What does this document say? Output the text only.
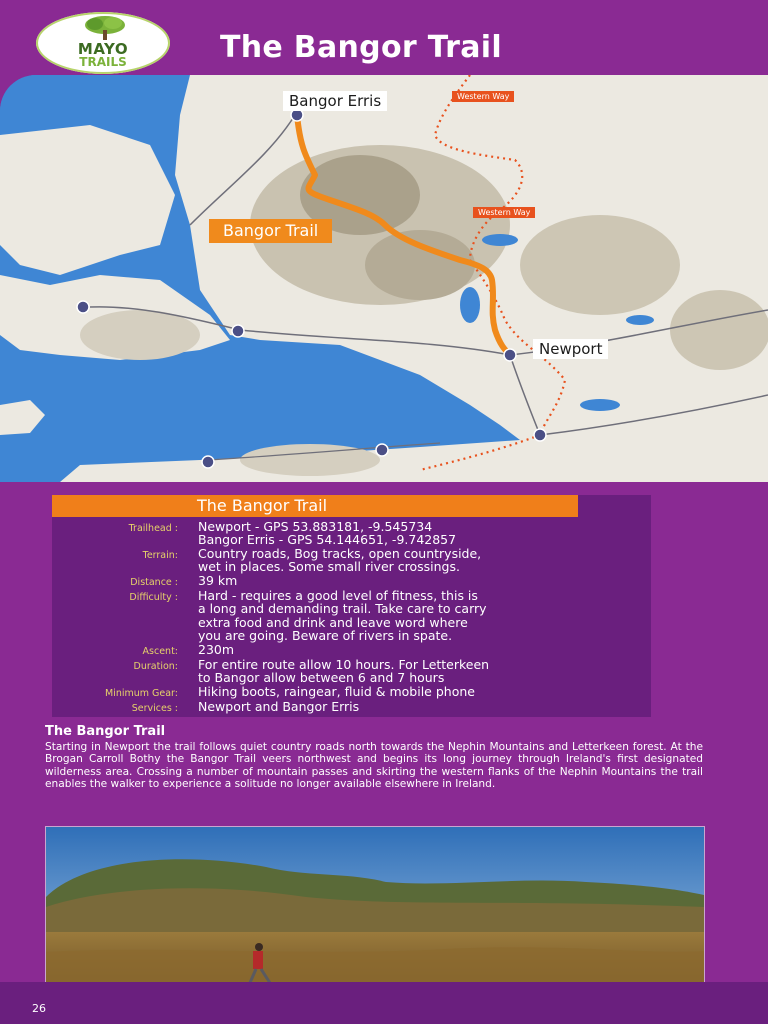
MAYO
TRAILS	The Bangor Trail
Bangor Erris
Newport
Bangor Trail
Western Way
Western Way
The Bangor Trail
Trailhead : Newport - GPS 53.883181, -9.545734
Bangor Erris - GPS 54.144651, -9.742857
Terrain: Country roads, Bog tracks, open countryside,
wet in places. Some small river crossings.
Distance : 39 km
Difficulty : Hard - requires a good level of fitness, this is
a long and demanding trail. Take care to carry
extra food and drink and leave word where
you are going. Beware of rivers in spate.
Ascent: 230m
Duration: For entire route allow 10 hours. For Letterkeen
to Bangor allow between 6 and 7 hours
Minimum Gear: Hiking boots, raingear, fluid & mobile phone
Services : Newport and Bangor Erris
The Bangor Trail

Starting in Newport the trail follows quiet country roads north towards the Nephin Mountains and Letterkeen forest. At the Brogan Carroll Bothy the Bangor Trail veers northwest and begins its long journey through Ireland's first designated wilderness area. Crossing a number of mountain passes and skirting the western flanks of the Nephin Mountains the trail enables the walker to experience a solitude no longer available elsewhere in Ireland.

26
